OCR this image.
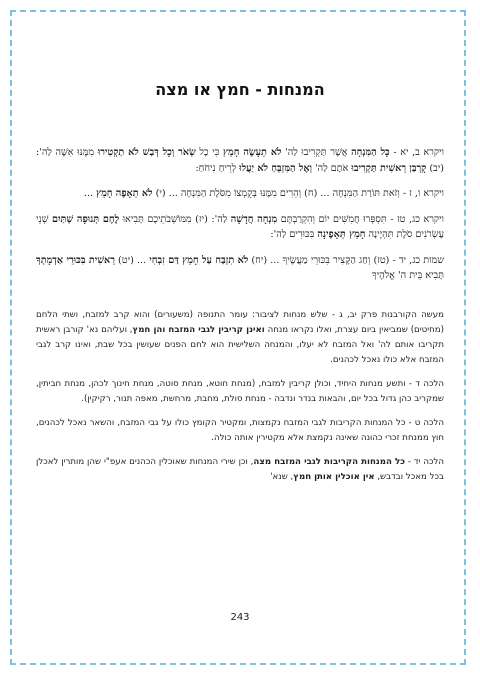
המנחות - חמץ או מצה

ויקרא ב, יא - כָּל הַמִּנְחָה אֲשֶׁר תַּקְרִיבוּ לַה' לֹא תֵעָשֶׂה חָמֵץ כִּי כָל שְׂאֹר וְכָל דְּבַשׁ לֹא תַקְטִירוּ מִמֶּנּוּ אִשֶּׁה לַה': (יב) קָרְבַּן רֵאשִׁית תַּקְרִיבוּ אֹתָם לַה' וְאֶל הַמִּזְבֵּחַ לֹא יַעֲלוּ לְרֵיחַ נִיחֹחַ:

ויקרא ו, ז - וְזֹאת תּוֹרַת הַמִּנְחָה ... (ח) וְהֵרִים מִמֶּנּוּ בְּקֻמְצוֹ מִסֹּלֶת הַמִּנְחָה ... (י) לֹא תֵאָפֶה חָמֵץ ...

ויקרא כג, טז - תִּסְפְּרוּ חֲמִשִּׁים יוֹם וְהִקְרַבְתֶּם מִנְחָה חֲדָשָׁה לַה': (יז) מִמּוֹשְׁבֹתֵיכֶם תָּבִיאוּ לֶחֶם תְּנוּפָה שְׁתַּיִם שְׁנֵי עֶשְׂרֹנִים סֹלֶת תִּהְיֶינָה חָמֵץ תֵּאָפֶינָה בִּכּוּרִים לַה':

שמות כג, יד - (טז) וְחַג הַקָּצִיר בִּכּוּרֵי מַעֲשֶׂיךָ ... (יח) לֹא תִזְבַּח עַל חָמֵץ דַּם זִבְחִי ... (יט) רֵאשִׁית בִּכּוּרֵי אַדְמָתְךָ תָּבִיא בֵּית ה' אֱלֹהֶיךָ

מעשה הקורבנות פרק יב, ג - שלש מנחות לציבור: עומר התנופה (משעורים) והוא קרב למזבח, ושתי הלחם (מחיטים) שמביאין ביום עצרת, ואלו נקראו מנחה ואינן קריבין לגבי המזבח והן חמץ, ועליהם נא' קורבן ראשית תקריבו אותם לה' ואל המזבח לא יעלו, והמנחה השלישית הוא לחם הפנים שעושין בכל שבת, ואינו קרב לגבי המזבח אלא כולו נאכל לכהנים.

הלכה ד - ותשע מנחות היחיד, וכולן קריבין למזבח, (מנחת חוטא, מנחת סוטה, מנחת חינוך לכהן, מנחת חביתין, שמקריב כהן גדול בכל יום, והבאות בנדר ונדבה - מנחת סולת, מחבת, מרחשת, מאפה תנור, רקיקין).

הלכה ט - כל המנחות הקריבות לגבי המזבח נקמצות, ומקטיר הקומץ כולו על גבי המזבח, והשאר נאכל לכהנים, חוץ ממנחת זכרי כהונה שאינה נקמצת אלא מקטירין אותה כולה.

הלכה יד - כל המנחות הקריבות לגבי המזבח מצה, וכן שירי המנחות שאוכלין הכהנים אעפ"י שהן מותרין לאכלן בכל מאכל ובדבש, אין אוכלין אותן חמץ, שנא'

243
